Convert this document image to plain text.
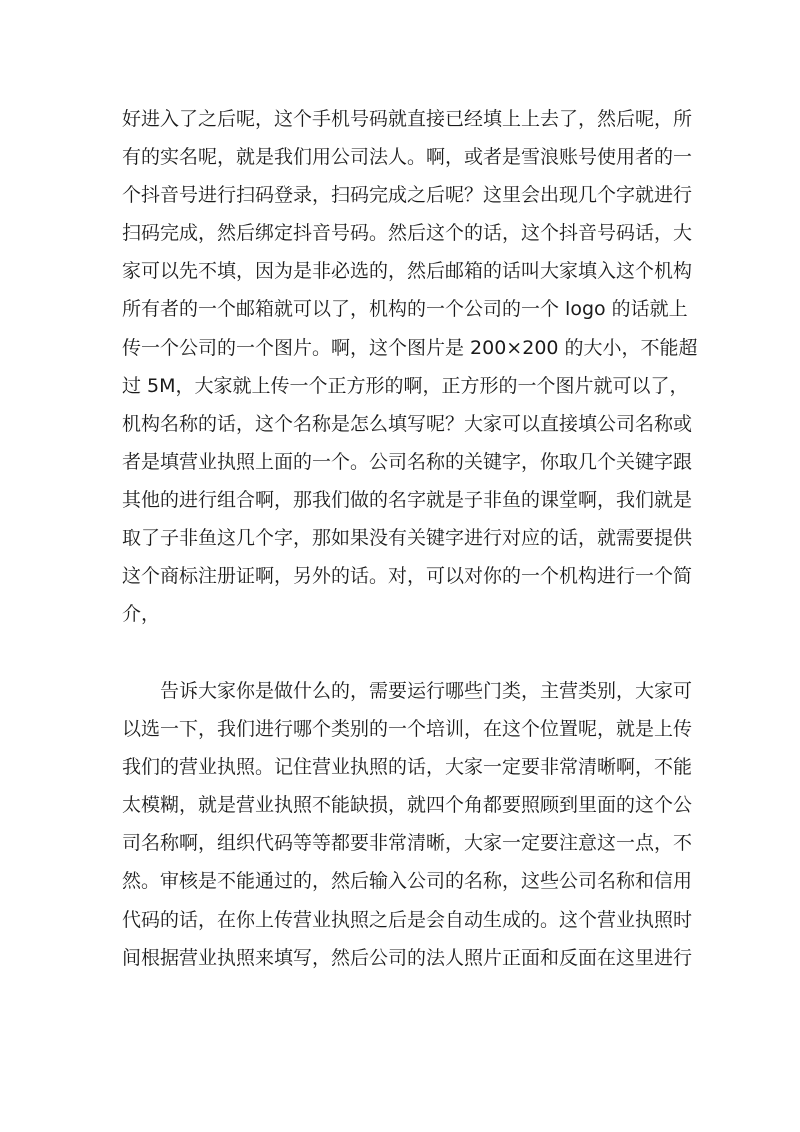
好进入了之后呢，这个手机号码就直接已经填上上去了，然后呢，所
有的实名呢，就是我们用公司法人。啊，或者是雪浪账号使用者的一
个抖音号进行扫码登录，扫码完成之后呢？这里会出现几个字就进行
扫码完成，然后绑定抖音号码。然后这个的话，这个抖音号码话，大
家可以先不填，因为是非必选的，然后邮箱的话叫大家填入这个机构
所有者的一个邮箱就可以了，机构的一个公司的一个 logo 的话就上
传一个公司的一个图片。啊，这个图片是 200×200 的大小，不能超
过 5M，大家就上传一个正方形的啊，正方形的一个图片就可以了，
机构名称的话，这个名称是怎么填写呢？大家可以直接填公司名称或
者是填营业执照上面的一个。公司名称的关键字，你取几个关键字跟
其他的进行组合啊，那我们做的名字就是子非鱼的课堂啊，我们就是
取了子非鱼这几个字，那如果没有关键字进行对应的话，就需要提供
这个商标注册证啊，另外的话。对，可以对你的一个机构进行一个简
介，
告诉大家你是做什么的，需要运行哪些门类，主营类别，大家可
以选一下，我们进行哪个类别的一个培训，在这个位置呢，就是上传
我们的营业执照。记住营业执照的话，大家一定要非常清晰啊，不能
太模糊，就是营业执照不能缺损，就四个角都要照顾到里面的这个公
司名称啊，组织代码等等都要非常清晰，大家一定要注意这一点，不
然。审核是不能通过的，然后输入公司的名称，这些公司名称和信用
代码的话，在你上传营业执照之后是会自动生成的。这个营业执照时
间根据营业执照来填写，然后公司的法人照片正面和反面在这里进行
